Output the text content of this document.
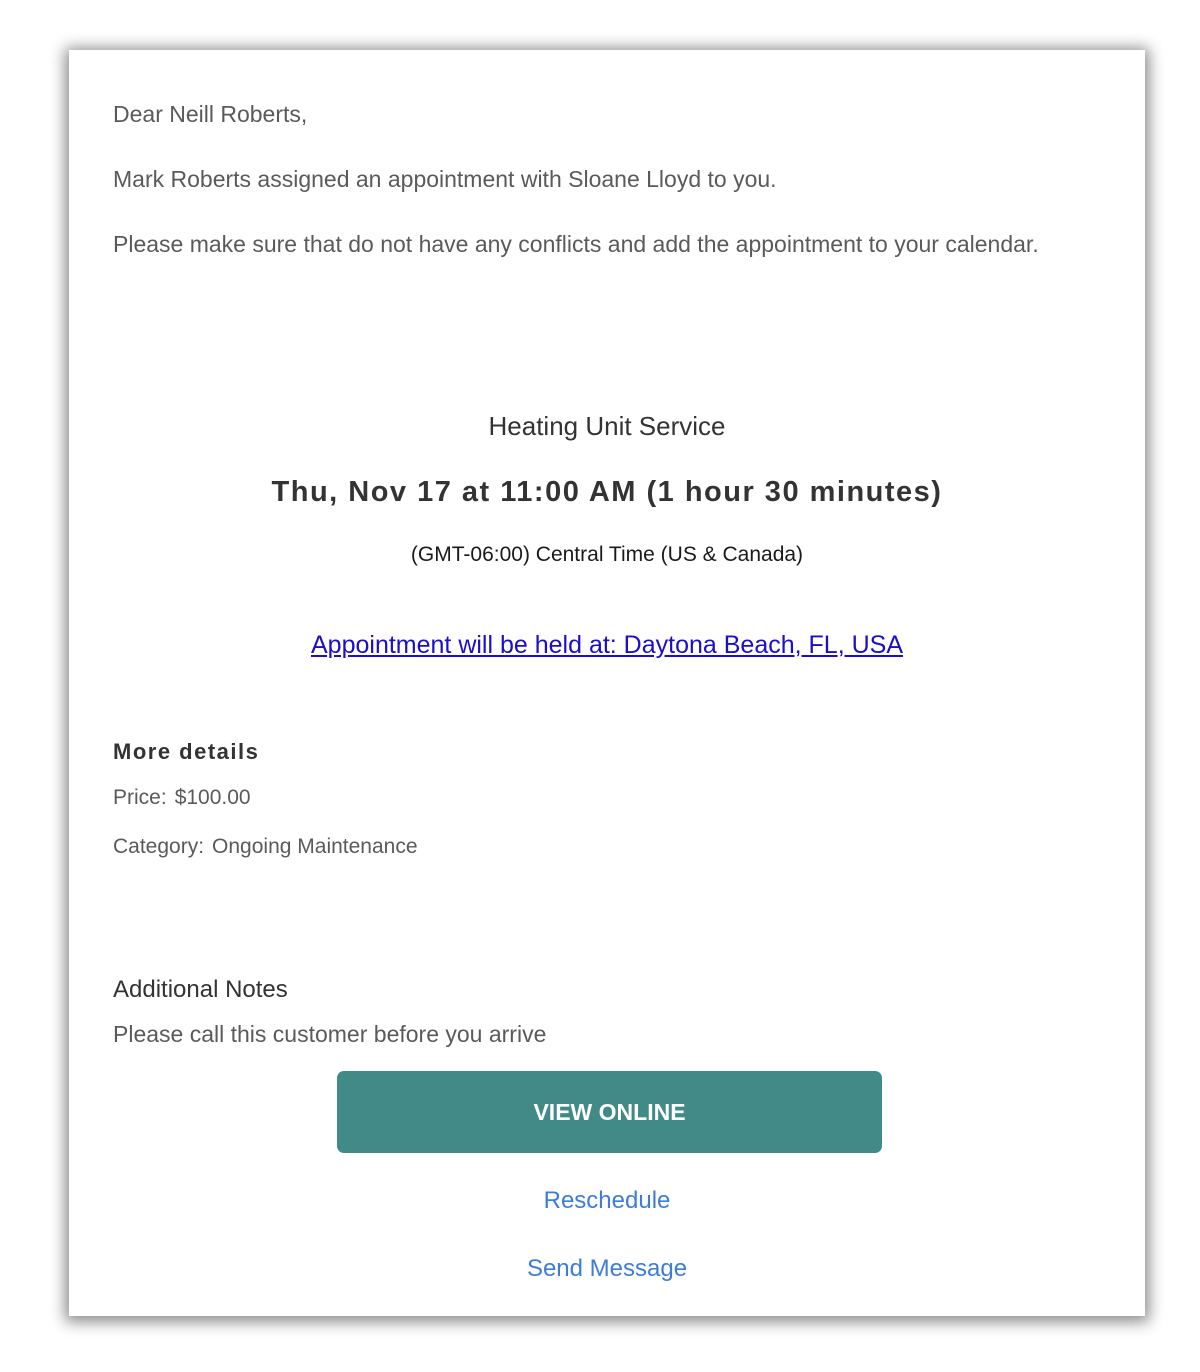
Dear Neill Roberts,

Mark Roberts assigned an appointment with Sloane Lloyd to you.

Please make sure that do not have any conflicts and add the appointment to your calendar.

Heating Unit Service
Thu, Nov 17 at 11:00 AM (1 hour 30 minutes)
(GMT-06:00) Central Time (US & Canada)
Appointment will be held at: Daytona Beach, FL, USA
More details
Price: $100.00
Category: Ongoing Maintenance
Additional Notes
Please call this customer before you arrive
VIEW ONLINE
Reschedule
Send Message
